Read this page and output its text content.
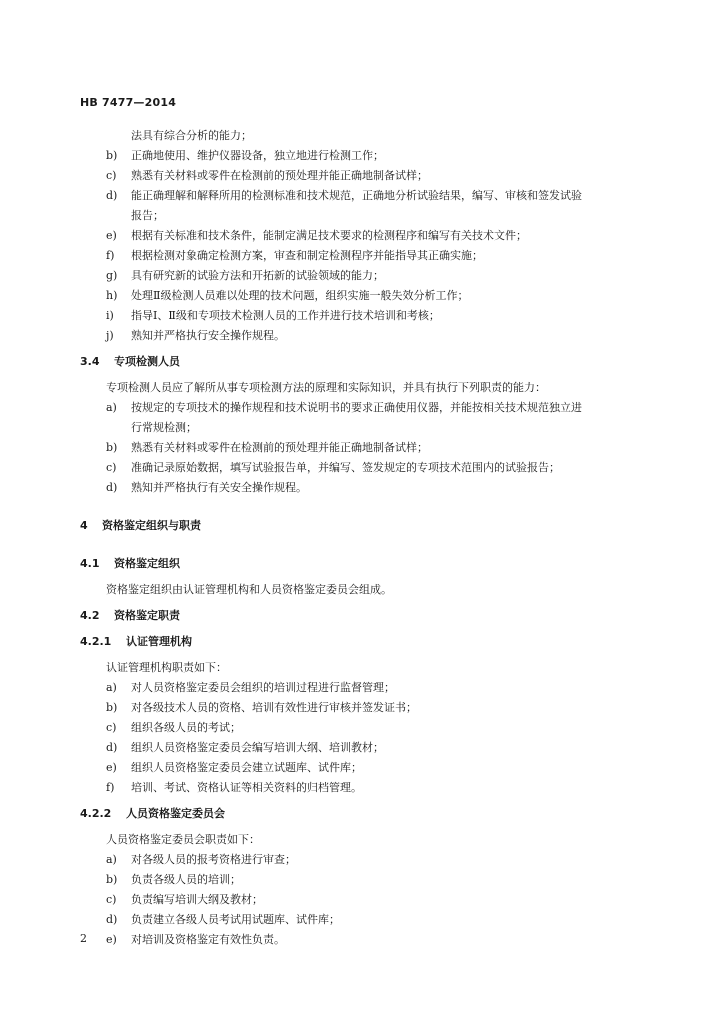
HB 7477—2014
法具有综合分析的能力；
b)	正确地使用、维护仪器设备，独立地进行检测工作；
c)	熟悉有关材料或零件在检测前的预处理并能正确地制备试样；
d)	能正确理解和解释所用的检测标准和技术规范，正确地分析试验结果，编写、审核和签发试验
报告；
e)	根据有关标准和技术条件，能制定满足技术要求的检测程序和编写有关技术文件；
f)	根据检测对象确定检测方案，审查和制定检测程序并能指导其正确实施；
g)	具有研究新的试验方法和开拓新的试验领域的能力；
h)	处理Ⅱ级检测人员难以处理的技术问题，组织实施一般失效分析工作；
i)	指导Ⅰ、Ⅱ级和专项技术检测人员的工作并进行技术培训和考核；
j)	熟知并严格执行安全操作规程。
3.4 专项检测人员
专项检测人员应了解所从事专项检测方法的原理和实际知识，并具有执行下列职责的能力：
a)	按规定的专项技术的操作规程和技术说明书的要求正确使用仪器，并能按相关技术规范独立进
行常规检测；
b)	熟悉有关材料或零件在检测前的预处理并能正确地制备试样；
c)	准确记录原始数据，填写试验报告单，并编写、签发规定的专项技术范围内的试验报告；
d)	熟知并严格执行有关安全操作规程。
4 资格鉴定组织与职责
4.1 资格鉴定组织
资格鉴定组织由认证管理机构和人员资格鉴定委员会组成。
4.2 资格鉴定职责
4.2.1 认证管理机构
认证管理机构职责如下：
a)	对人员资格鉴定委员会组织的培训过程进行监督管理；
b)	对各级技术人员的资格、培训有效性进行审核并签发证书；
c)	组织各级人员的考试；
d)	组织人员资格鉴定委员会编写培训大纲、培训教材；
e)	组织人员资格鉴定委员会建立试题库、试件库；
f)	培训、考试、资格认证等相关资料的归档管理。
4.2.2 人员资格鉴定委员会
人员资格鉴定委员会职责如下：
a)	对各级人员的报考资格进行审查；
b)	负责各级人员的培训；
c)	负责编写培训大纲及教材；
d)	负责建立各级人员考试用试题库、试件库；
e)	对培训及资格鉴定有效性负责。
2
